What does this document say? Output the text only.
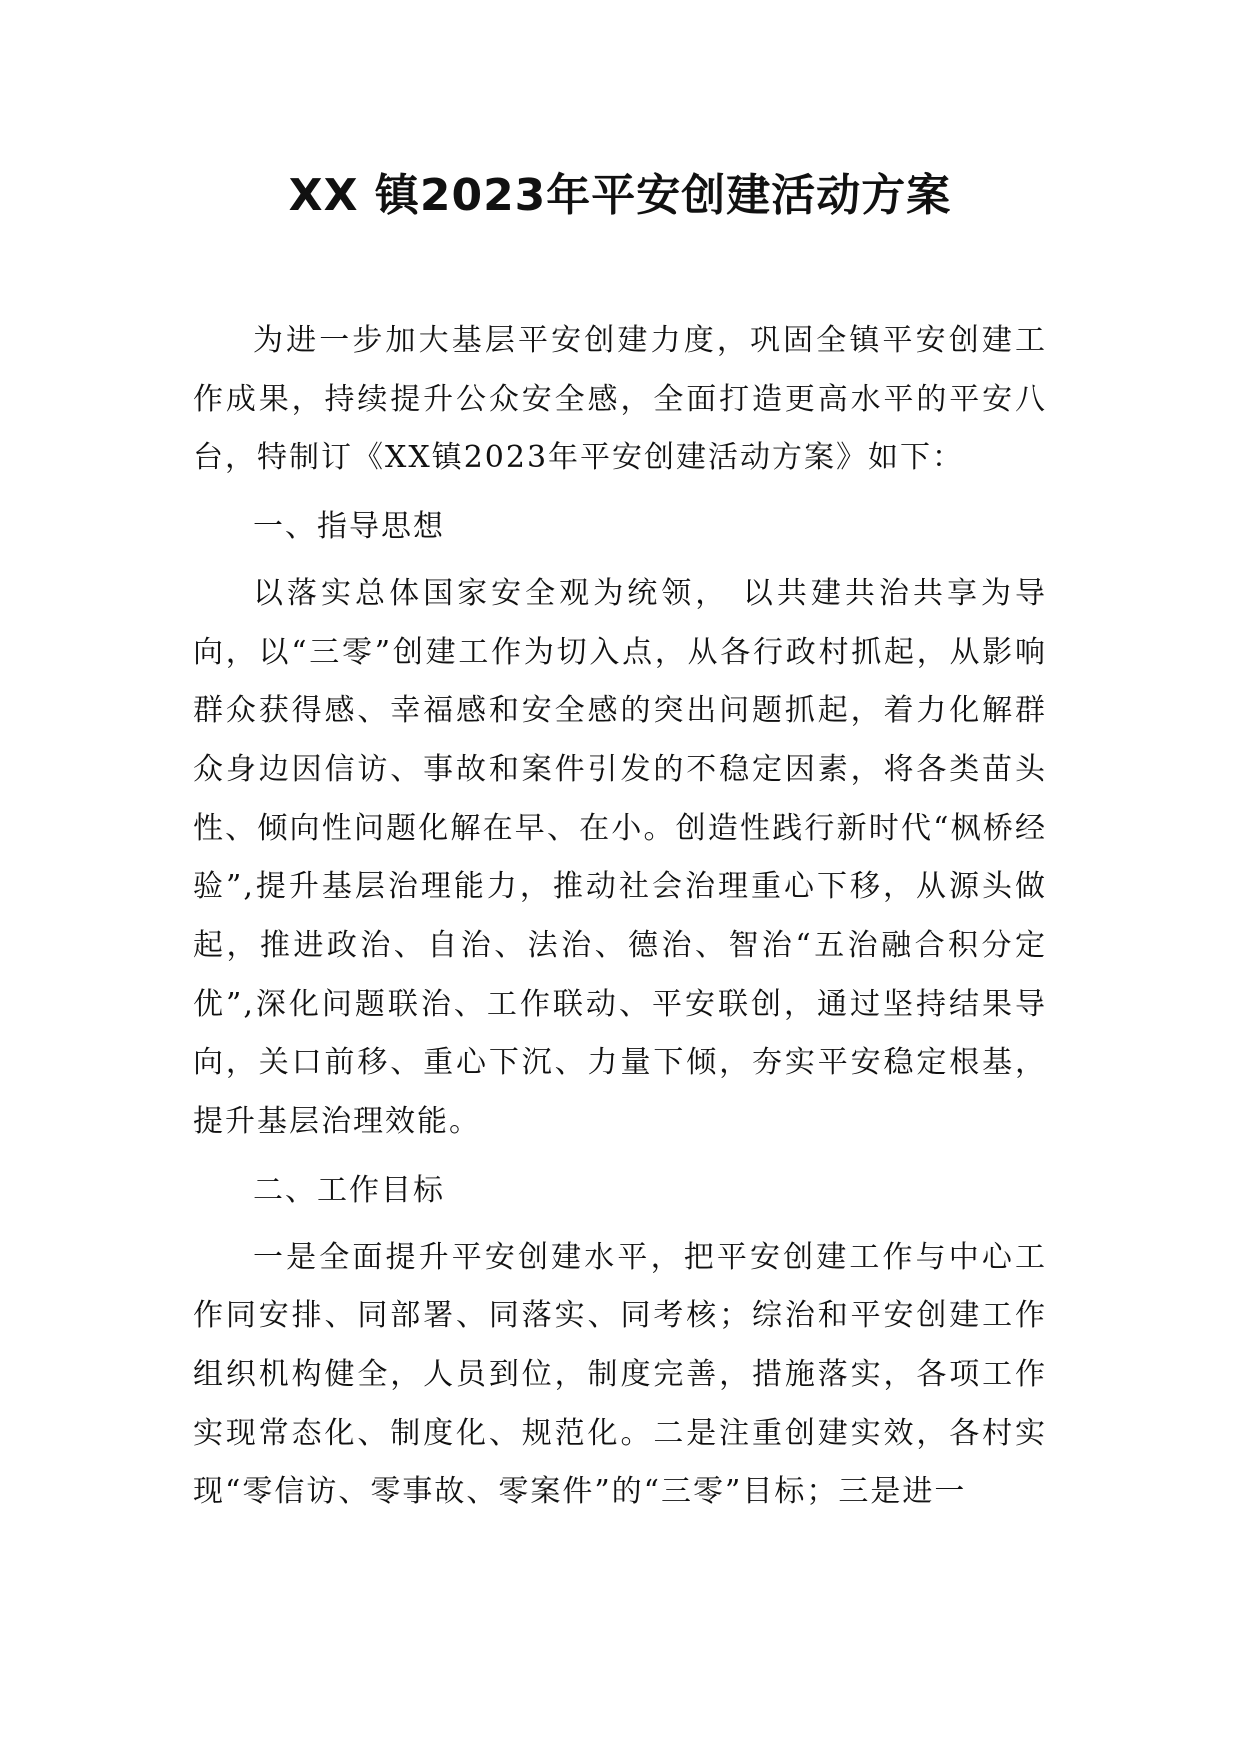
XX 镇2023年平安创建活动方案

为进一步加大基层平安创建力度，巩固全镇平安创建工作成果，持续提升公众安全感，全面打造更高水平的平安八台，特制订《XX镇2023年平安创建活动方案》如下：

一、指导思想

以落实总体国家安全观为统领， 以共建共治共享为导向，以“三零”创建工作为切入点，从各行政村抓起，从影响群众获得感、幸福感和安全感的突出问题抓起，着力化解群众身边因信访、事故和案件引发的不稳定因素，将各类苗头性、倾向性问题化解在早、在小。创造性践行新时代“枫桥经验”,提升基层治理能力，推动社会治理重心下移，从源头做起，推进政治、自治、法治、德治、智治“五治融合积分定优”,深化问题联治、工作联动、平安联创，通过坚持结果导向，关口前移、重心下沉、力量下倾，夯实平安稳定根基，提升基层治理效能。

二、工作目标

一是全面提升平安创建水平，把平安创建工作与中心工作同安排、同部署、同落实、同考核；综治和平安创建工作组织机构健全，人员到位，制度完善，措施落实，各项工作实现常态化、制度化、规范化。二是注重创建实效，各村实现“零信访、零事故、零案件”的“三零”目标；三是进一
